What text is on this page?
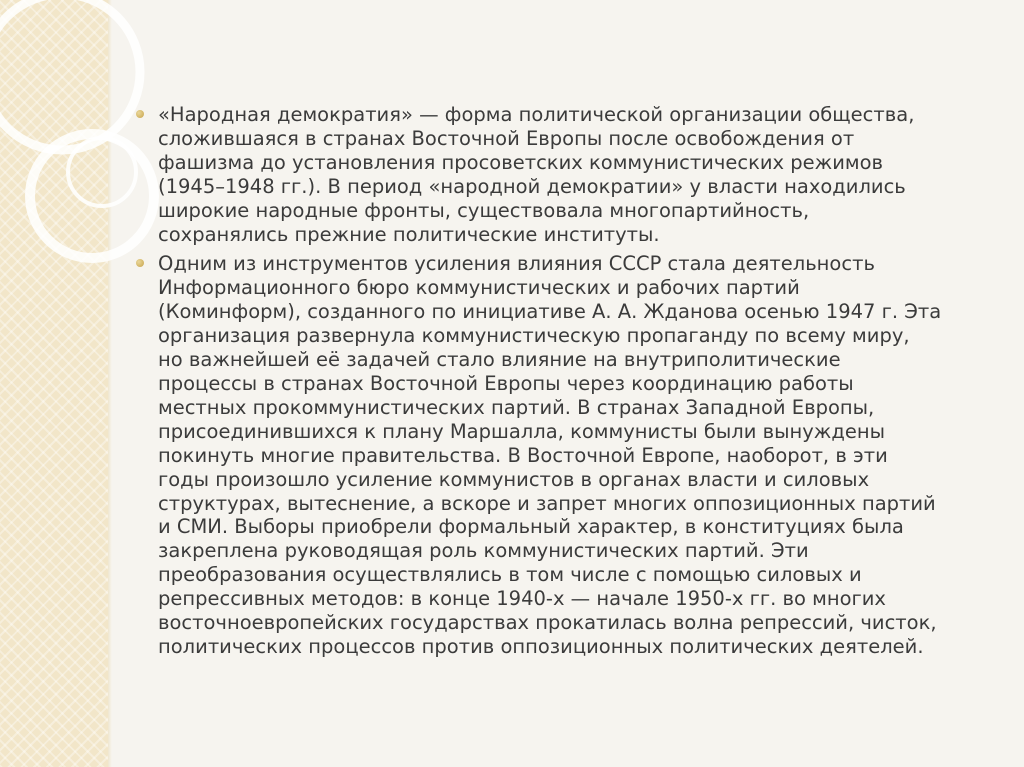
«Народная демократия» — форма политической организации общества,
сложившаяся в странах Восточной Европы после освобождения от
фашизма до установления просоветских коммунистических режимов
(1945–1948 гг.). В период «народной демократии» у власти находились
широкие народные фронты, существовала многопартийность,
сохранялись прежние политические институты.
Одним из инструментов усиления влияния СССР стала деятельность
Информационного бюро коммунистических и рабочих партий
(Коминформ), созданного по инициативе А. А. Жданова осенью 1947 г. Эта
организация развернула коммунистическую пропаганду по всему миру,
но важнейшей её задачей стало влияние на внутриполитические
процессы в странах Восточной Европы через координацию работы
местных прокоммунистических партий. В странах Западной Европы,
присоединившихся к плану Маршалла, коммунисты были вынуждены
покинуть многие правительства. В Восточной Европе, наоборот, в эти
годы произошло усиление коммунистов в органах власти и силовых
структурах, вытеснение, а вскоре и запрет многих оппозиционных партий
и СМИ. Выборы приобрели формальный характер, в конституциях была
закреплена руководящая роль коммунистических партий. Эти
преобразования осуществлялись в том числе с помощью силовых и
репрессивных методов: в конце 1940-х — начале 1950-х гг. во многих
восточноевропейских государствах прокатилась волна репрессий, чисток,
политических процессов против оппозиционных политических деятелей.
